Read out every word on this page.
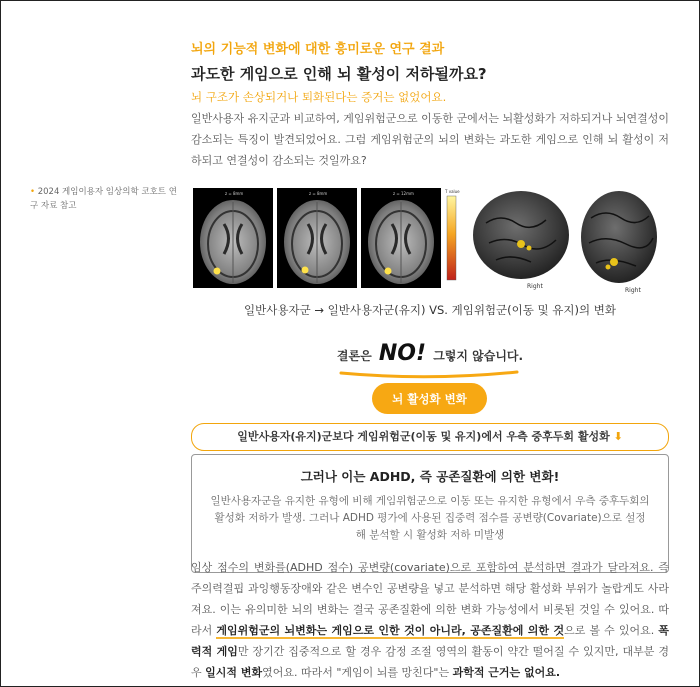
• 2024 게임이용자 임상의학 코호트 연구 자료 참고
뇌의 기능적 변화에 대한 흥미로운 연구 결과
과도한 게임으로 인해 뇌 활성이 저하될까요?
뇌 구조가 손상되거나 퇴화된다는 증거는 없었어요.

일반사용자 유지군과 비교하여, 게임위험군으로 이동한 군에서는 뇌활성화가 저하되거나 뇌연결성이 감소되는 특징이 발견되었어요. 그럼 게임위험군의 뇌의 변화는 과도한 게임으로 인해 뇌 활성이 저하되고 연결성이 감소되는 것일까요?

z = 8mm	z = 8mm	z = 12mm	T value
Right
Right
일반사용자군 → 일반사용자군(유지) VS. 게임위험군(이동 및 유지)의 변화
결론은 NO! 그렇지 않습니다.
뇌 활성화 변화
일반사용자(유지)군보다 게임위험군(이동 및 유지)에서 우측 중후두회 활성화 ⬇
그러나 이는 ADHD, 즉 공존질환에 의한 변화!

일반사용자군을 유지한 유형에 비해 게임위험군으로 이동 또는 유지한 유형에서 우측 중후두회의 활성화 저하가 발생. 그러나 ADHD 평가에 사용된 집중력 점수를 공변량(Covariate)으로 설정해 분석할 시 활성화 저하 미발생

임상 점수의 변화를(ADHD 점수) 공변량(covariate)으로 포함하여 분석하면 결과가 달라져요. 즉 주의력결핍 과잉행동장애와 같은 변수인 공변량을 넣고 분석하면 해당 활성화 부위가 놀랍게도 사라져요. 이는 유의미한 뇌의 변화는 결국 공존질환에 의한 변화 가능성에서 비롯된 것일 수 있어요. 따라서 게임위험군의 뇌변화는 게임으로 인한 것이 아니라, 공존질환에 의한 것으로 볼 수 있어요. 폭력적 게임만 장기간 집중적으로 할 경우 감정 조절 영역의 활동이 약간 떨어질 수 있지만, 대부분 경우 일시적 변화였어요. 따라서 "게임이 뇌를 망친다"는 과학적 근거는 없어요.
